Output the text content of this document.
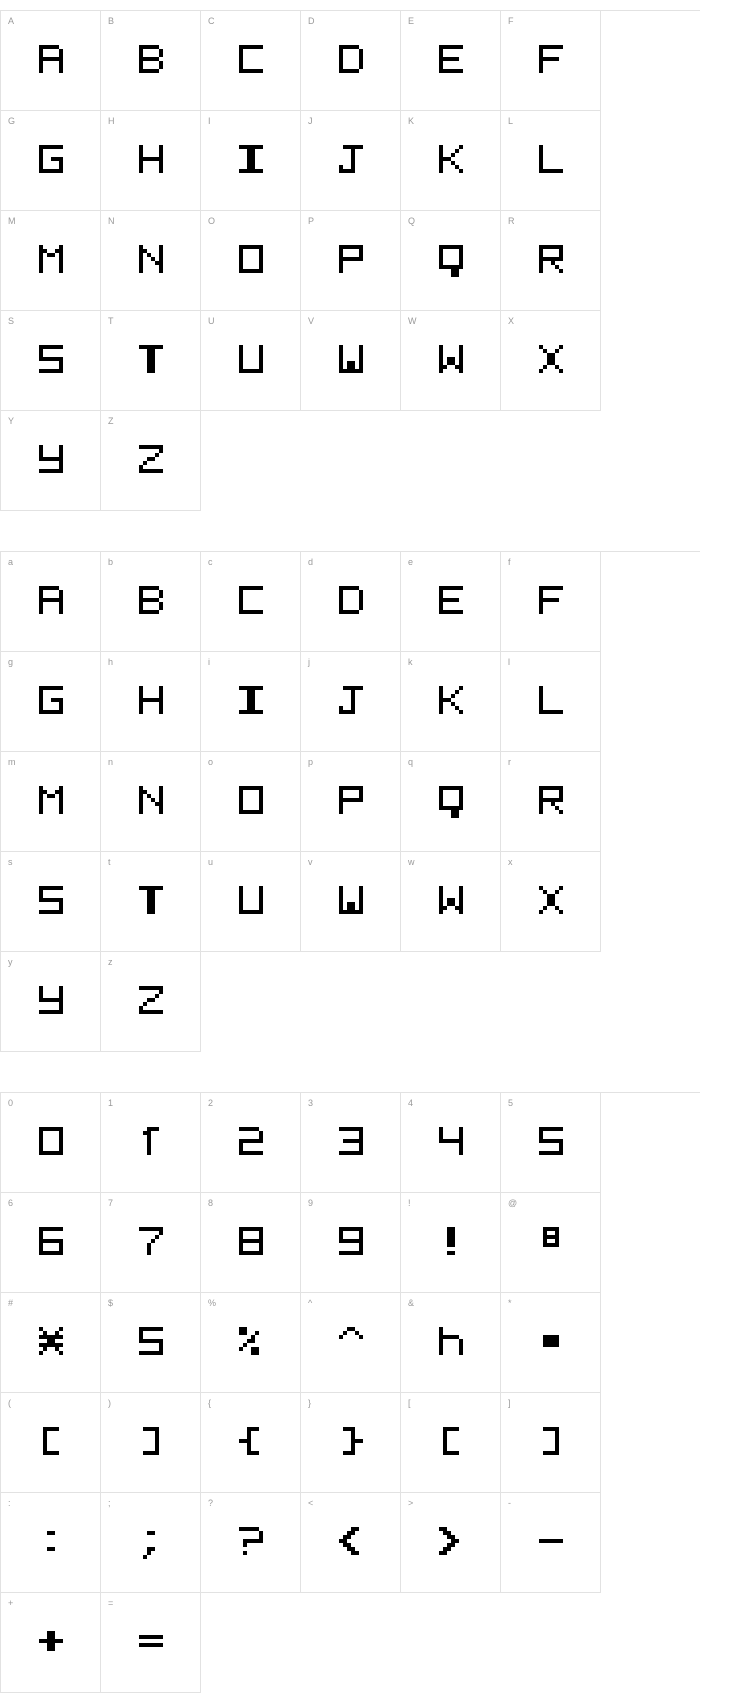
A	B	C	D	E	F
G	H	I	J	K	L
M	N	O	P	Q	R
S	T	U	V	W	X
Y	Z
a	b	c	d	e	f
g	h	i	j	k	l
m	n	o	p	q	r
s	t	u	v	w	x
y	z
0	1	2	3	4	5
6	7	8	9	!	@
#	$	%	^	&	*
(	)	{	}	[	]
:	;	?	<	>	-
+	=
